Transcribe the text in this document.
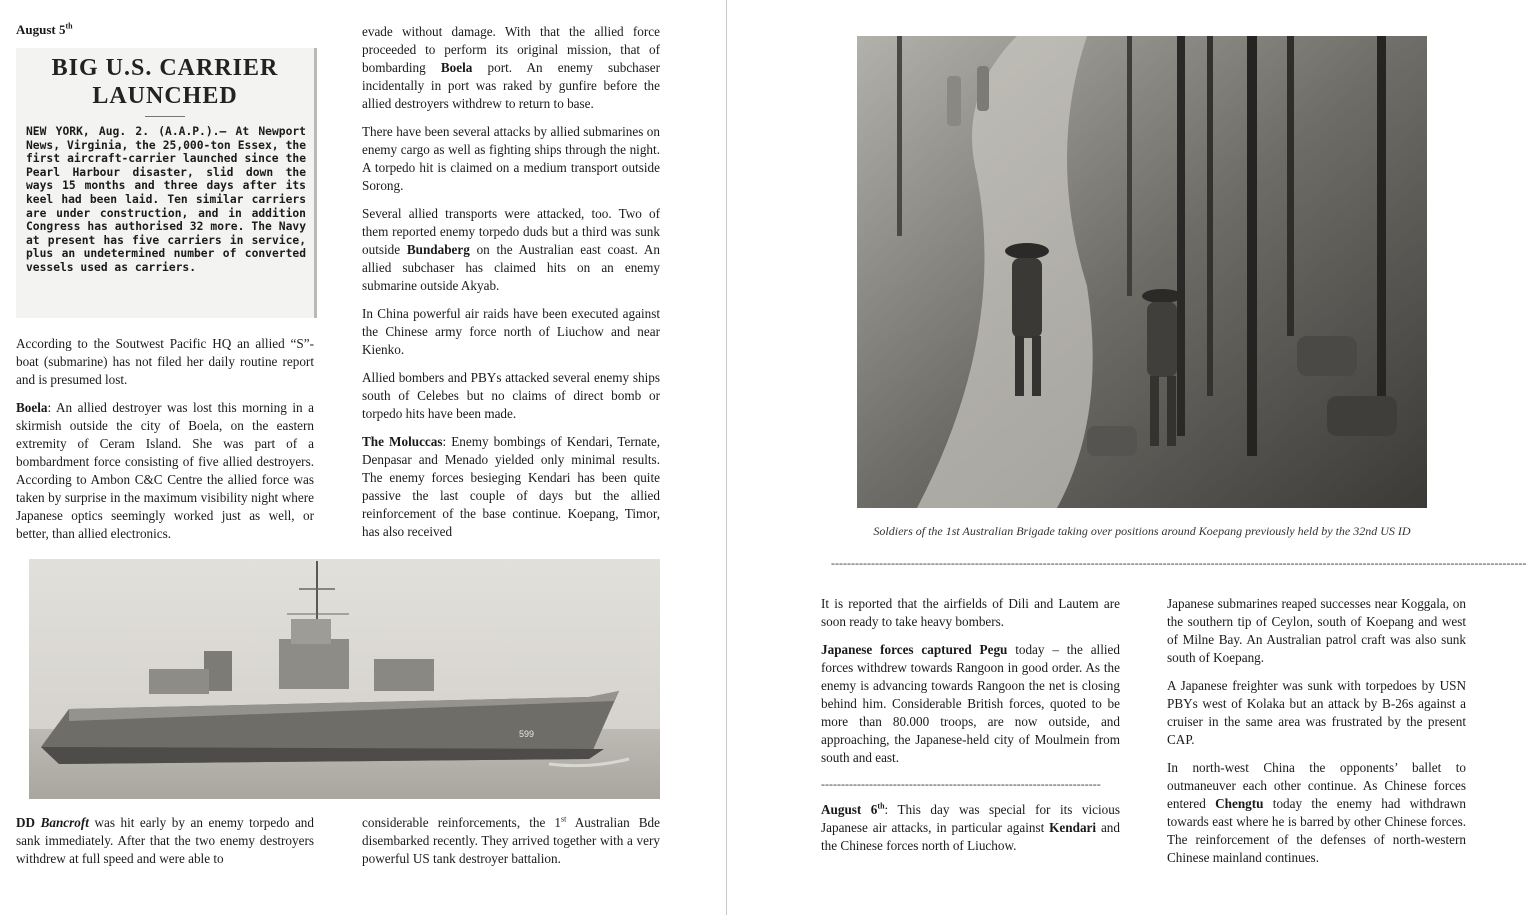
August 5th
BIG U.S. CARRIER
LAUNCHED
NEW YORK, Aug. 2. (A.A.P.).— At Newport News, Virginia, the 25,000-ton Essex, the first aircraft-carrier launched since the Pearl Harbour disaster, slid down the ways 15 months and three days after its keel had been laid. Ten similar carriers are under construction, and in addition Congress has authorised 32 more. The Navy at present has five carriers in service, plus an undetermined number of converted vessels used as carriers.

According to the Soutwest Pacific HQ an allied “S”-boat (submarine) has not filed her daily routine report and is presumed lost.

Boela: An allied destroyer was lost this morning in a skirmish outside the city of Boela, on the eastern extremity of Ceram Island. She was part of a bombardment force consisting of five allied destroyers. According to Ambon C&C Centre the allied force was taken by surprise in the maximum visibility night where Japanese optics seemingly worked just as well, or better, than allied electronics.

evade without damage. With that the allied force proceeded to perform its original mission, that of bombarding Boela port. An enemy subchaser incidentally in port was raked by gunfire before the allied destroyers withdrew to return to base.

There have been several attacks by allied submarines on enemy cargo as well as fighting ships through the night. A torpedo hit is claimed on a medium transport outside Sorong.

Several allied transports were attacked, too. Two of them reported enemy torpedo duds but a third was sunk outside Bundaberg on the Australian east coast. An allied subchaser has claimed hits on an enemy submarine outside Akyab.

In China powerful air raids have been executed against the Chinese army force north of Liuchow and near Kienko.

Allied bombers and PBYs attacked several enemy ships south of Celebes but no claims of direct bomb or torpedo hits have been made.

The Moluccas: Enemy bombings of Kendari, Ternate, Denpasar and Menado yielded only minimal results. The enemy forces besieging Kendari has been quite passive the last couple of days but the allied reinforcement of the base continue. Koepang, Timor, has also received

599

DD Bancroft was hit early by an enemy torpedo and sank immediately. After that the two enemy destroyers withdrew at full speed and were able to

considerable reinforcements, the 1st Australian Bde disembarked recently. They arrived together with a very powerful US tank destroyer battalion.

Soldiers of the 1st Australian Brigade taking over positions around Koepang previously held by the 32nd US ID
------------------------------------------------------------------------------------------------------------------------------------------------------------------------------

It is reported that the airfields of Dili and Lautem are soon ready to take heavy bombers.

Japanese forces captured Pegu today – the allied forces withdrew towards Rangoon in good order. As the enemy is advancing towards Rangoon the net is closing behind him. Considerable British forces, quoted to be more than 80.000 troops, are now outside, and approaching, the Japanese-held city of Moulmein from south and east.

----------------------------------------------------------------------

August 6th: This day was special for its vicious Japanese air attacks, in particular against Kendari and the Chinese forces north of Liuchow.

Japanese submarines reaped successes near Koggala, on the southern tip of Ceylon, south of Koepang and west of Milne Bay. An Australian patrol craft was also sunk south of Koepang.

A Japanese freighter was sunk with torpedoes by USN PBYs west of Kolaka but an attack by B-26s against a cruiser in the same area was frustrated by the present CAP.

In north-west China the opponents’ ballet to outmaneuver each other continue. As Chinese forces entered Chengtu today the enemy had withdrawn towards east where he is barred by other Chinese forces. The reinforcement of the defenses of north-western Chinese mainland continues.
